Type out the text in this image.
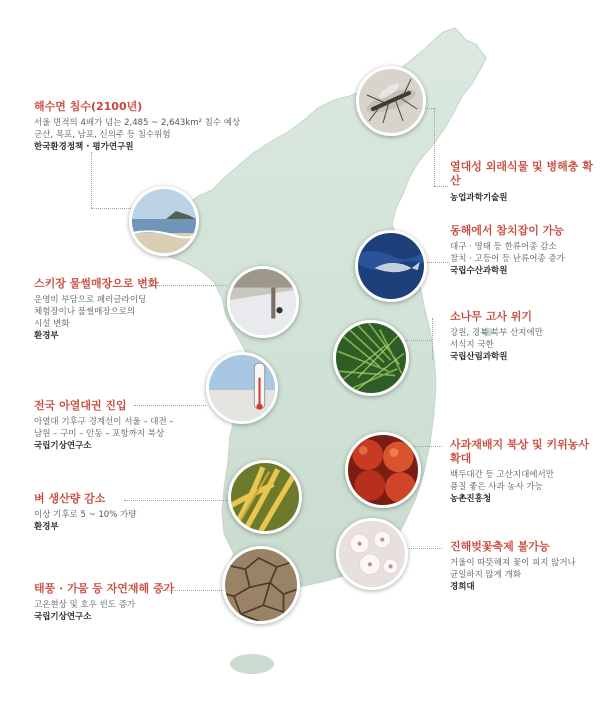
해수면 침수(2100년)
서울 면적의 4배가 넘는 2,485 ~ 2,643km² 침수 예상
군산, 목포, 남포, 신의주 등 침수위험
한국환경정책 · 평가연구원
열대성 외래식물 및 병해충 확산
농업과학기술원
동해에서 참치잡이 가능
대구 · 명태 등 한류어종 감소
참치 · 고등어 등 난류어종 증가
국립수산과학원
스키장 물썰매장으로 변화
운영비 부담으로 패러글라이딩
체험장이나 물썰매장으로의
시설 변화
환경부
소나무 고사 위기
강원, 경북 북부 산지에만
서식지 국한
국립산림과학원
전국 아열대권 진입
아열대 기후구 경계선이 서울 – 대전 –
남원 – 구미 – 안동 – 포항까지 북상
국립기상연구소	사과재배지 북상 및 키위농사 확대
백두대간 등 고산지대에서만
품질 좋은 사과 농사 가능
농촌진흥청
벼 생산량 감소
이상 기후로 5 ~ 10% 가량
환경부
진해벚꽃축제 불가능
거울이 따뜻해져 꽃이 피지 않거나
균일하지 않게 개화
경희대
태풍 · 가뭄 등 자연재해 증가
고온현상 및 호우 빈도 증가
국립기상연구소
